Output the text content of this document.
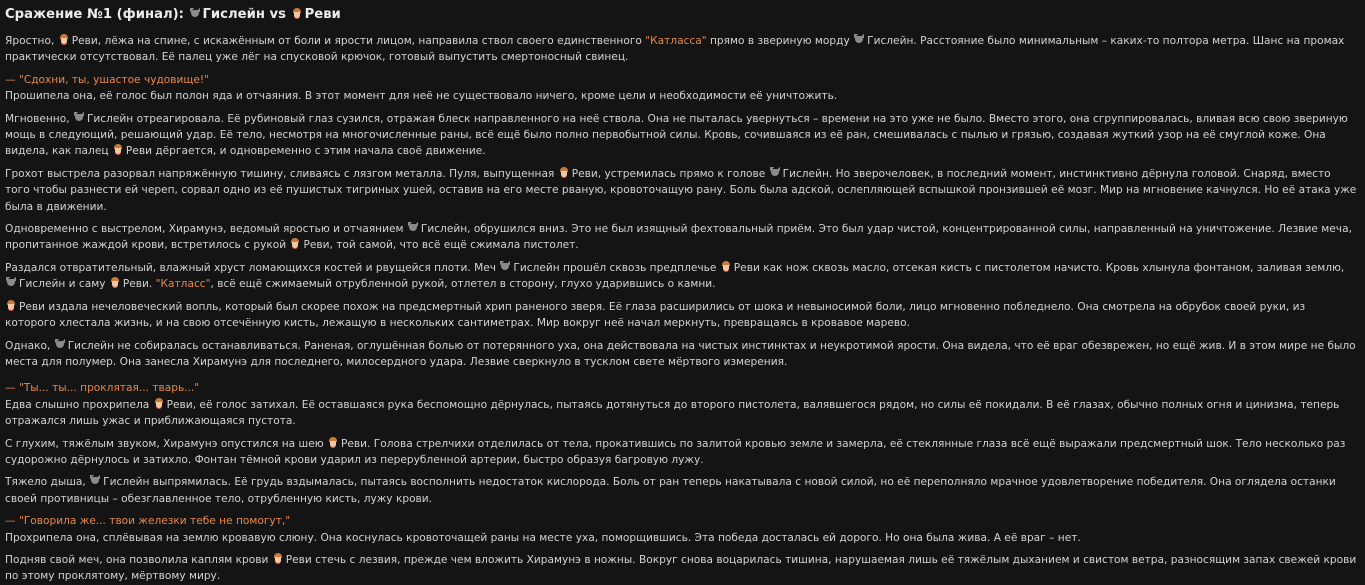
Сражение №1 (финал): Гислейн vs Реви

Яростно, Реви, лёжа на спине, с искажённым от боли и ярости лицом, направила ствол своего единственного "Катласса" прямо в звериную морду Гислейн. Расстояние было минимальным – каких-то полтора метра. Шанс на промах практически отсутствовал. Её палец уже лёг на спусковой крючок, готовый выпустить смертоносный свинец.

— "Сдохни, ты, ушастое чудовище!"

Прошипела она, её голос был полон яда и отчаяния. В этот момент для неё не существовало ничего, кроме цели и необходимости её уничтожить.

Мгновенно, Гислейн отреагировала. Её рубиновый глаз сузился, отражая блеск направленного на неё ствола. Она не пыталась увернуться – времени на это уже не было. Вместо этого, она сгруппировалась, вливая всю свою звериную мощь в следующий, решающий удар. Её тело, несмотря на многочисленные раны, всё ещё было полно первобытной силы. Кровь, сочившаяся из её ран, смешивалась с пылью и грязью, создавая жуткий узор на её смуглой коже. Она видела, как палец Реви дёргается, и одновременно с этим начала своё движение.

Грохот выстрела разорвал напряжённую тишину, сливаясь с лязгом металла. Пуля, выпущенная Реви, устремилась прямо к голове Гислейн. Но зверочеловек, в последний момент, инстинктивно дёрнула головой. Снаряд, вместо того чтобы разнести ей череп, сорвал одно из её пушистых тигриных ушей, оставив на его месте рваную, кровоточащую рану. Боль была адской, ослепляющей вспышкой пронзившей её мозг. Мир на мгновение качнулся. Но её атака уже была в движении.

Одновременно с выстрелом, Хирамунэ, ведомый яростью и отчаянием Гислейн, обрушился вниз. Это не был изящный фехтовальный приём. Это был удар чистой, концентрированной силы, направленный на уничтожение. Лезвие меча, пропитанное жаждой крови, встретилось с рукой Реви, той самой, что всё ещё сжимала пистолет.

Раздался отвратительный, влажный хруст ломающихся костей и рвущейся плоти. Меч Гислейн прошёл сквозь предплечье Реви как нож сквозь масло, отсекая кисть с пистолетом начисто. Кровь хлынула фонтаном, заливая землю, Гислейн и саму Реви. "Катласс", всё ещё сжимаемый отрубленной рукой, отлетел в сторону, глухо ударившись о камни.

Реви издала нечеловеческий вопль, который был скорее похож на предсмертный хрип раненого зверя. Её глаза расширились от шока и невыносимой боли, лицо мгновенно побледнело. Она смотрела на обрубок своей руки, из которого хлестала жизнь, и на свою отсечённую кисть, лежащую в нескольких сантиметрах. Мир вокруг неё начал меркнуть, превращаясь в кровавое марево.

Однако, Гислейн не собиралась останавливаться. Раненая, оглушённая болью от потерянного уха, она действовала на чистых инстинктах и неукротимой ярости. Она видела, что её враг обезврежен, но ещё жив. И в этом мире не было места для полумер. Она занесла Хирамунэ для последнего, милосердного удара. Лезвие сверкнуло в тусклом свете мёртвого измерения.

— "Ты... ты... проклятая... тварь..."

Едва слышно прохрипела Реви, её голос затихал. Её оставшаяся рука беспомощно дёрнулась, пытаясь дотянуться до второго пистолета, валявшегося рядом, но силы её покидали. В её глазах, обычно полных огня и цинизма, теперь отражался лишь ужас и приближающаяся пустота.

С глухим, тяжёлым звуком, Хирамунэ опустился на шею Реви. Голова стрелчихи отделилась от тела, прокатившись по залитой кровью земле и замерла, её стеклянные глаза всё ещё выражали предсмертный шок. Тело несколько раз судорожно дёрнулось и затихло. Фонтан тёмной крови ударил из перерубленной артерии, быстро образуя багровую лужу.

Тяжело дыша, Гислейн выпрямилась. Её грудь вздымалась, пытаясь восполнить недостаток кислорода. Боль от ран теперь накатывала с новой силой, но её переполняло мрачное удовлетворение победителя. Она оглядела останки своей противницы – обезглавленное тело, отрубленную кисть, лужу крови.

— "Говорила же... твои железки тебе не помогут,"

Прохрипела она, сплёвывая на землю кровавую слюну. Она коснулась кровоточащей раны на месте уха, поморщившись. Эта победа досталась ей дорого. Но она была жива. А её враг – нет.

Подняв свой меч, она позволила каплям крови Реви стечь с лезвия, прежде чем вложить Хирамунэ в ножны. Вокруг снова воцарилась тишина, нарушаемая лишь её тяжёлым дыханием и свистом ветра, разносящим запах свежей крови по этому проклятому, мёртвому миру.
